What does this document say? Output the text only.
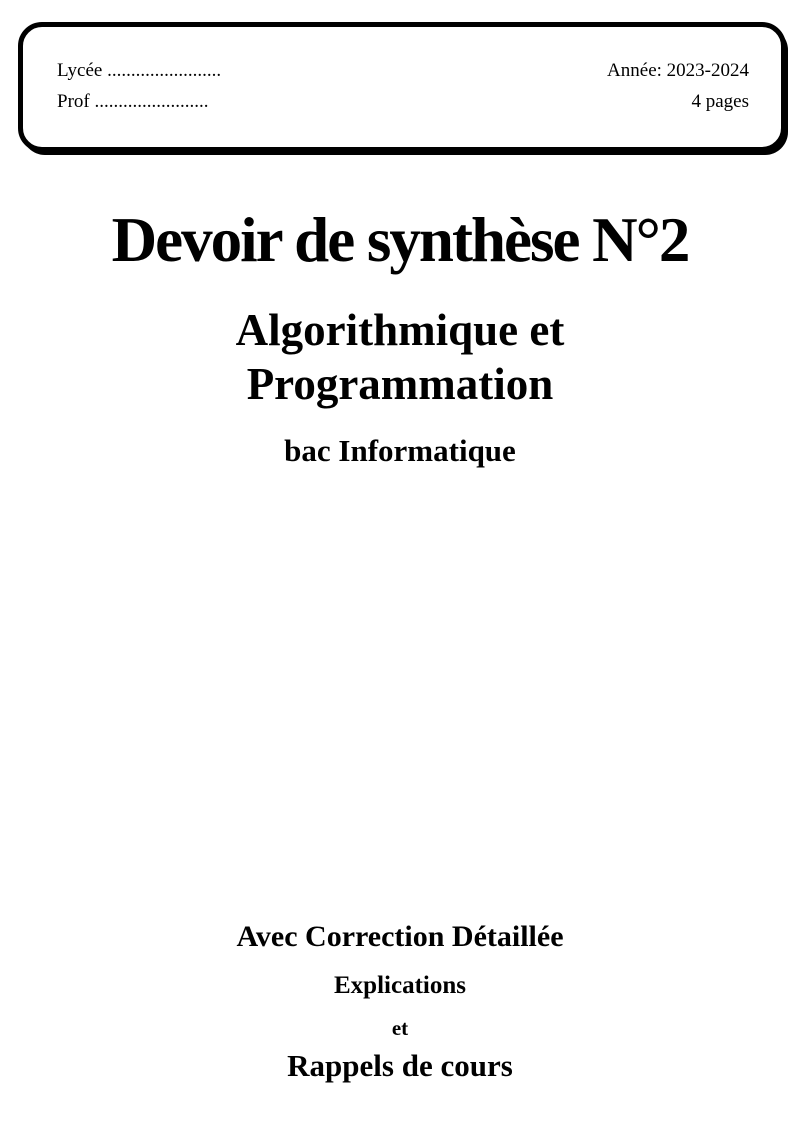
Lycée ........................
Prof ........................
Année: 2023-2024
4 pages
Devoir de synthèse N°2
Algorithmique et
Programmation
bac Informatique
Avec Correction Détaillée
Explications
et
Rappels de cours
